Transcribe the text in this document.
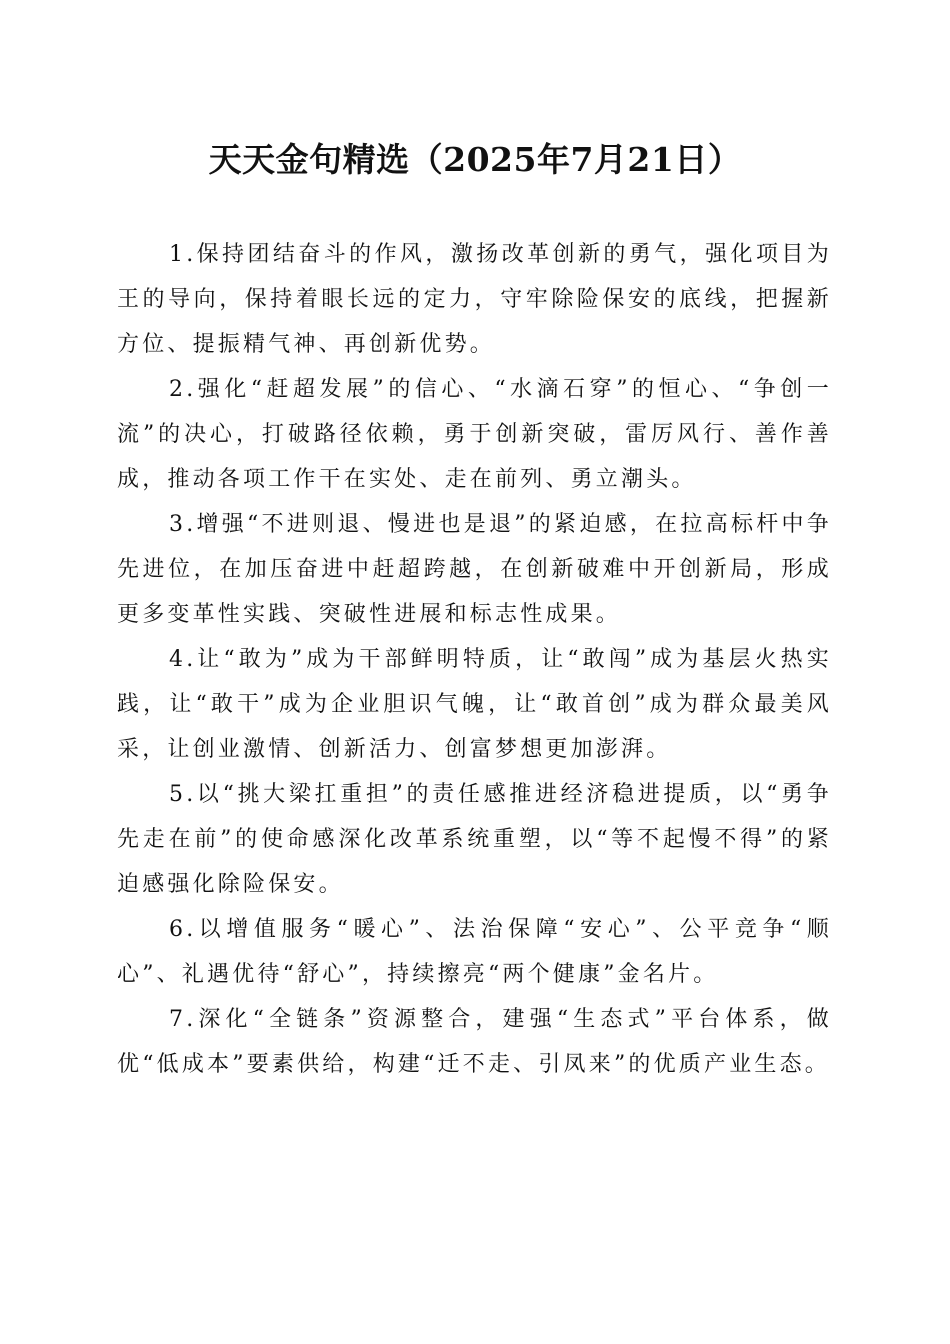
天天金句精选（2025年7月21日）

1.保持团结奋斗的作风，激扬改革创新的勇气，强化项目为王的导向，保持着眼长远的定力，守牢除险保安的底线，把握新方位、提振精气神、再创新优势。

2.强化“赶超发展”的信心、“水滴石穿”的恒心、“争创一流”的决心，打破路径依赖，勇于创新突破，雷厉风行、善作善成，推动各项工作干在实处、走在前列、勇立潮头。

3.增强“不进则退、慢进也是退”的紧迫感，在拉高标杆中争先进位，在加压奋进中赶超跨越，在创新破难中开创新局，形成更多变革性实践、突破性进展和标志性成果。

4.让“敢为”成为干部鲜明特质，让“敢闯”成为基层火热实践，让“敢干”成为企业胆识气魄，让“敢首创”成为群众最美风采，让创业激情、创新活力、创富梦想更加澎湃。

5.以“挑大梁扛重担”的责任感推进经济稳进提质，以“勇争先走在前”的使命感深化改革系统重塑，以“等不起慢不得”的紧迫感强化除险保安。

6.以增值服务“暖心”、法治保障“安心”、公平竞争“顺心”、礼遇优待“舒心”，持续擦亮“两个健康”金名片。

7.深化“全链条”资源整合，建强“生态式”平台体系，做优“低成本”要素供给，构建“迁不走、引凤来”的优质产业生态。
